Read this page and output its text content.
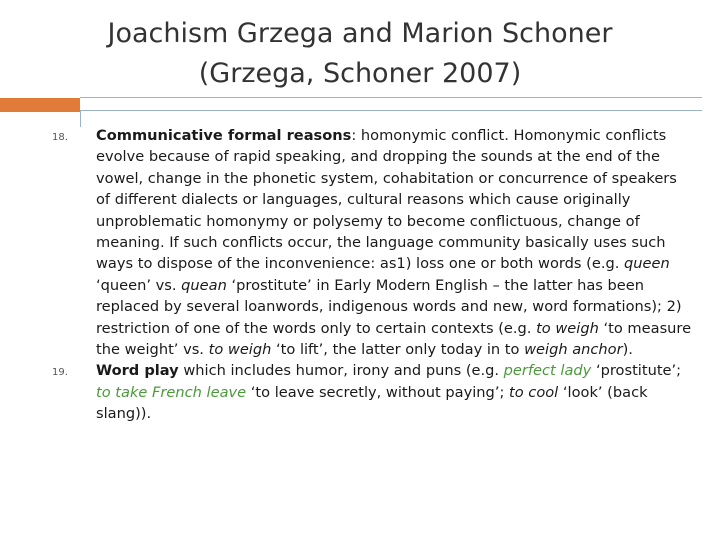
Joachism Grzega and Marion Schoner
(Grzega, Schoner 2007)
18. Communicative formal reasons: homonymic conflict. Homonymic conflicts evolve because of rapid speaking, and dropping the sounds at the end of the vowel, change in the phonetic system, cohabitation or concurrence of speakers of different dialects or languages, cultural reasons which cause originally unproblematic homonymy or polysemy to become conflictuous, change of meaning. If such conflicts occur, the language community basically uses such ways to dispose of the inconvenience: as1) loss one or both words (e.g. queen ‘queen’ vs. quean ‘prostitute’ in Early Modern English – the latter has been replaced by several loanwords, indigenous words and new, word formations); 2) restriction of one of the words only to certain contexts (e.g. to weigh ‘to measure the weight’ vs. to weigh ‘to lift’, the latter only today in to weigh anchor).
19. Word play which includes humor, irony and puns (e.g. perfect lady ‘prostitute’; to take French leave ‘to leave secretly, without paying’; to cool ‘look’ (back slang)).
